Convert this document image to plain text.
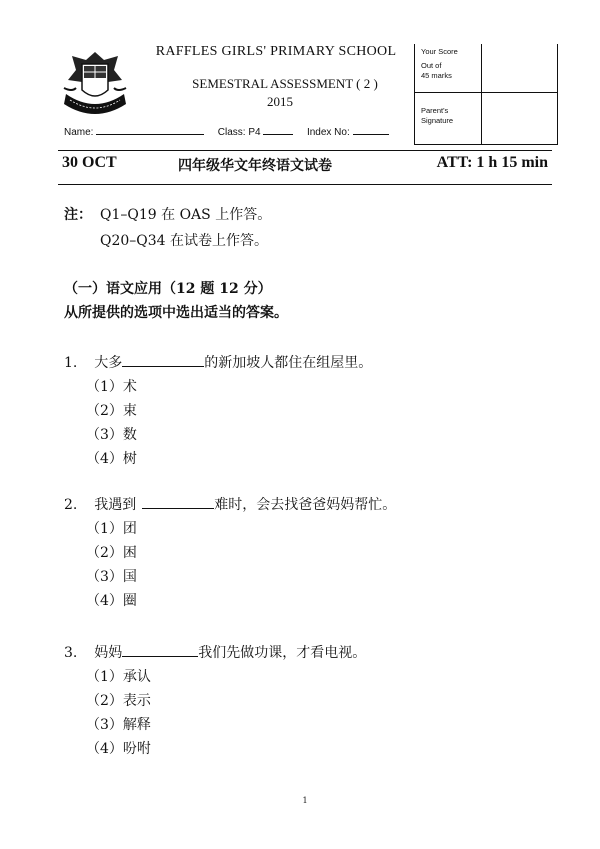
RAFFLES GIRLS' PRIMARY SCHOOL
SEMESTRAL ASSESSMENT ( 2 )
2015
Name:	Class: P4	Index No:
Your Score
Out of
45 marks
Parent's
Signature
30 OCT	四年级华文年终语文试卷	ATT: 1 h 15 min
注： Q1–Q19 在 OAS 上作答。
Q20–Q34 在试卷上作答。
（一）语文应用（12 题 12 分）
从所提供的选项中选出适当的答案。
1. 大多	的新加坡人都住在组屋里。
（1）术
（2）束
（3）数
（4）树
2. 我遇到	难时，会去找爸爸妈妈帮忙。
（1）团
（2）困
（3）国
（4）圈
3. 妈妈	我们先做功课，才看电视。
（1）承认
（2）表示
（3）解释
（4）吩咐
1
